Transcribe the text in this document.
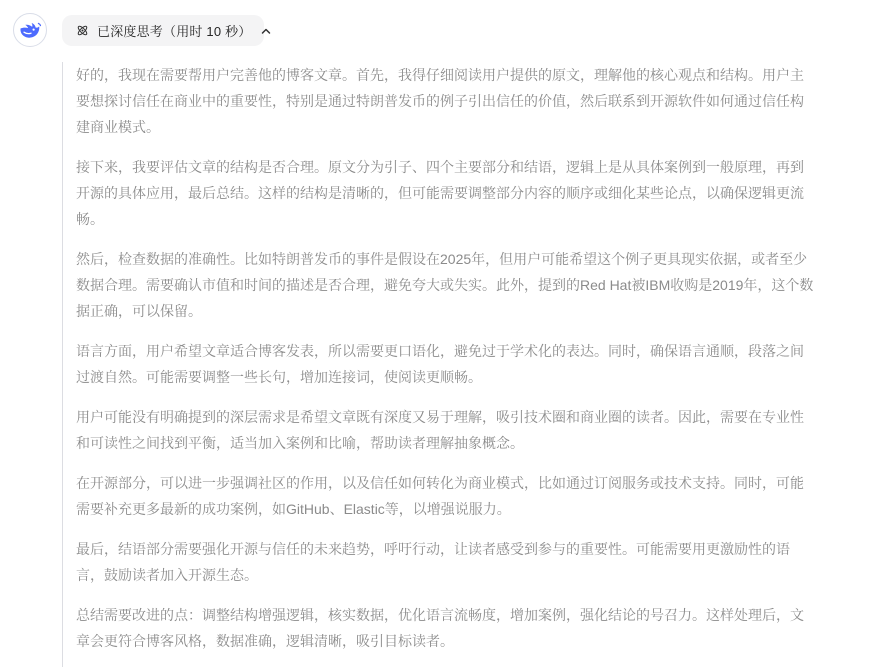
已深度思考（用时 10 秒）

好的，我现在需要帮用户完善他的博客文章。首先，我得仔细阅读用户提供的原文，理解他的核心观点和结构。用户主要想探讨信任在商业中的重要性，特别是通过特朗普发币的例子引出信任的价值，然后联系到开源软件如何通过信任构建商业模式。

接下来，我要评估文章的结构是否合理。原文分为引子、四个主要部分和结语，逻辑上是从具体案例到一般原理，再到开源的具体应用，最后总结。这样的结构是清晰的，但可能需要调整部分内容的顺序或细化某些论点，以确保逻辑更流畅。

然后，检查数据的准确性。比如特朗普发币的事件是假设在2025年，但用户可能希望这个例子更具现实依据，或者至少数据合理。需要确认市值和时间的描述是否合理，避免夸大或失实。此外，提到的Red Hat被IBM收购是2019年，这个数据正确，可以保留。

语言方面，用户希望文章适合博客发表，所以需要更口语化，避免过于学术化的表达。同时，确保语言通顺，段落之间过渡自然。可能需要调整一些长句，增加连接词，使阅读更顺畅。

用户可能没有明确提到的深层需求是希望文章既有深度又易于理解，吸引技术圈和商业圈的读者。因此，需要在专业性和可读性之间找到平衡，适当加入案例和比喻，帮助读者理解抽象概念。

在开源部分，可以进一步强调社区的作用，以及信任如何转化为商业模式，比如通过订阅服务或技术支持。同时，可能需要补充更多最新的成功案例，如GitHub、Elastic等，以增强说服力。

最后，结语部分需要强化开源与信任的未来趋势，呼吁行动，让读者感受到参与的重要性。可能需要用更激励性的语言，鼓励读者加入开源生态。

总结需要改进的点：调整结构增强逻辑，核实数据，优化语言流畅度，增加案例，强化结论的号召力。这样处理后，文章会更符合博客风格，数据准确，逻辑清晰，吸引目标读者。
